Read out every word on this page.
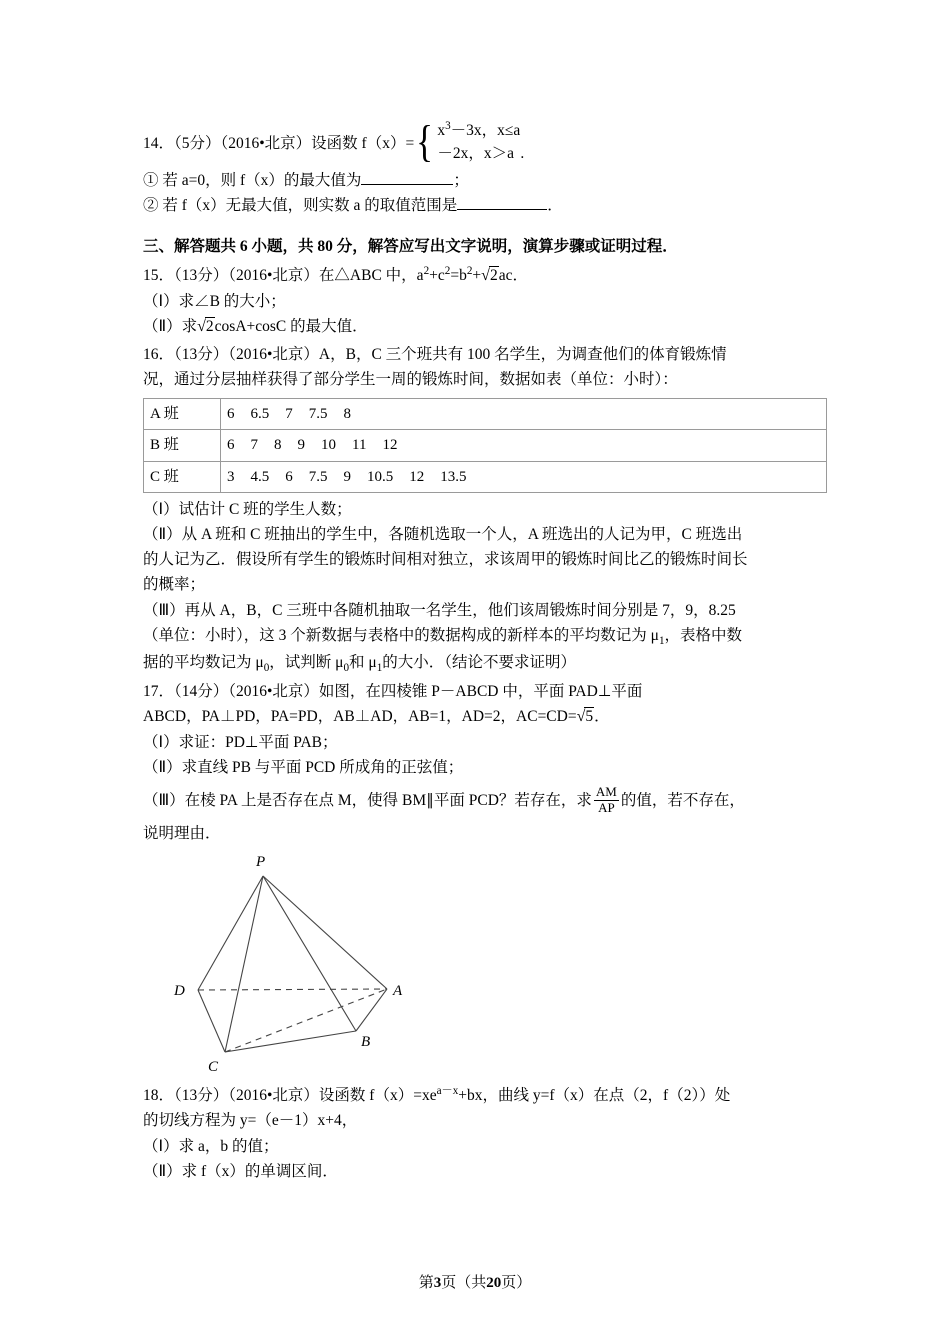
14．（5分）（2016•北京）设函数 f（x）= { $x^3-3x$，x≤a
－2x，x＞a .
① 若 a=0，则 f（x）的最大值为	；
② 若 f（x）无最大值，则实数 a 的取值范围是	．
三、解答题共 6 小题，共 80 分，解答应写出文字说明，演算步骤或证明过程．
15．（13分）（2016•北京）在△ABC 中，$a^2+c^2=b^2+√2ac$．
（Ⅰ）求∠B 的大小；
（Ⅱ）求√2cosA+cosC 的最大值．
16．（13分）（2016•北京）A，B，C 三个班共有 100 名学生，为调查他们的体育锻炼情
况，通过分层抽样获得了部分学生一周的锻炼时间，数据如表（单位：小时）：
A 班	6 6.5 7 7.5 8
B 班	6 7 8 9 10 11 12
C 班	3 4.5 6 7.5 9 10.5 12 13.5
（Ⅰ）试估计 C 班的学生人数；
（Ⅱ）从 A 班和 C 班抽出的学生中，各随机选取一个人，A 班选出的人记为甲，C 班选出
的人记为乙．假设所有学生的锻炼时间相对独立，求该周甲的锻炼时间比乙的锻炼时间长
的概率；
（Ⅲ）再从 A，B，C 三班中各随机抽取一名学生，他们该周锻炼时间分别是 7，9，8.25
（单位：小时），这 3 个新数据与表格中的数据构成的新样本的平均数记为 $\mu_1$，表格中数
据的平均数记为 $\mu_0$，试判断 $\mu_0$和 $\mu_1$的大小．（结论不要求证明）
17．（14分）（2016•北京）如图，在四棱锥 P－ABCD 中，平面 PAD⊥平面
ABCD，PA⊥PD，PA=PD，AB⊥AD，AB=1，AD=2，AC=CD=√5．
（Ⅰ）求证：PD⊥平面 PAB；
（Ⅱ）求直线 PB 与平面 PCD 所成角的正弦值；
（Ⅲ）在棱 PA 上是否存在点 M，使得 BM∥平面 PCD？若存在，求 $\frac{AM}{AP}$ 的值，若不存在，
说明理由．
P
D	A
B
C
18．（13分）（2016•北京）设函数 $f(x)=xe^{a-x}+bx$，曲线 y=f（x）在点（2，f（2））处
的切线方程为 y=（e－1）x+4，
（Ⅰ）求 a，b 的值；
（Ⅱ）求 f（x）的单调区间．
第3页（共20页）
